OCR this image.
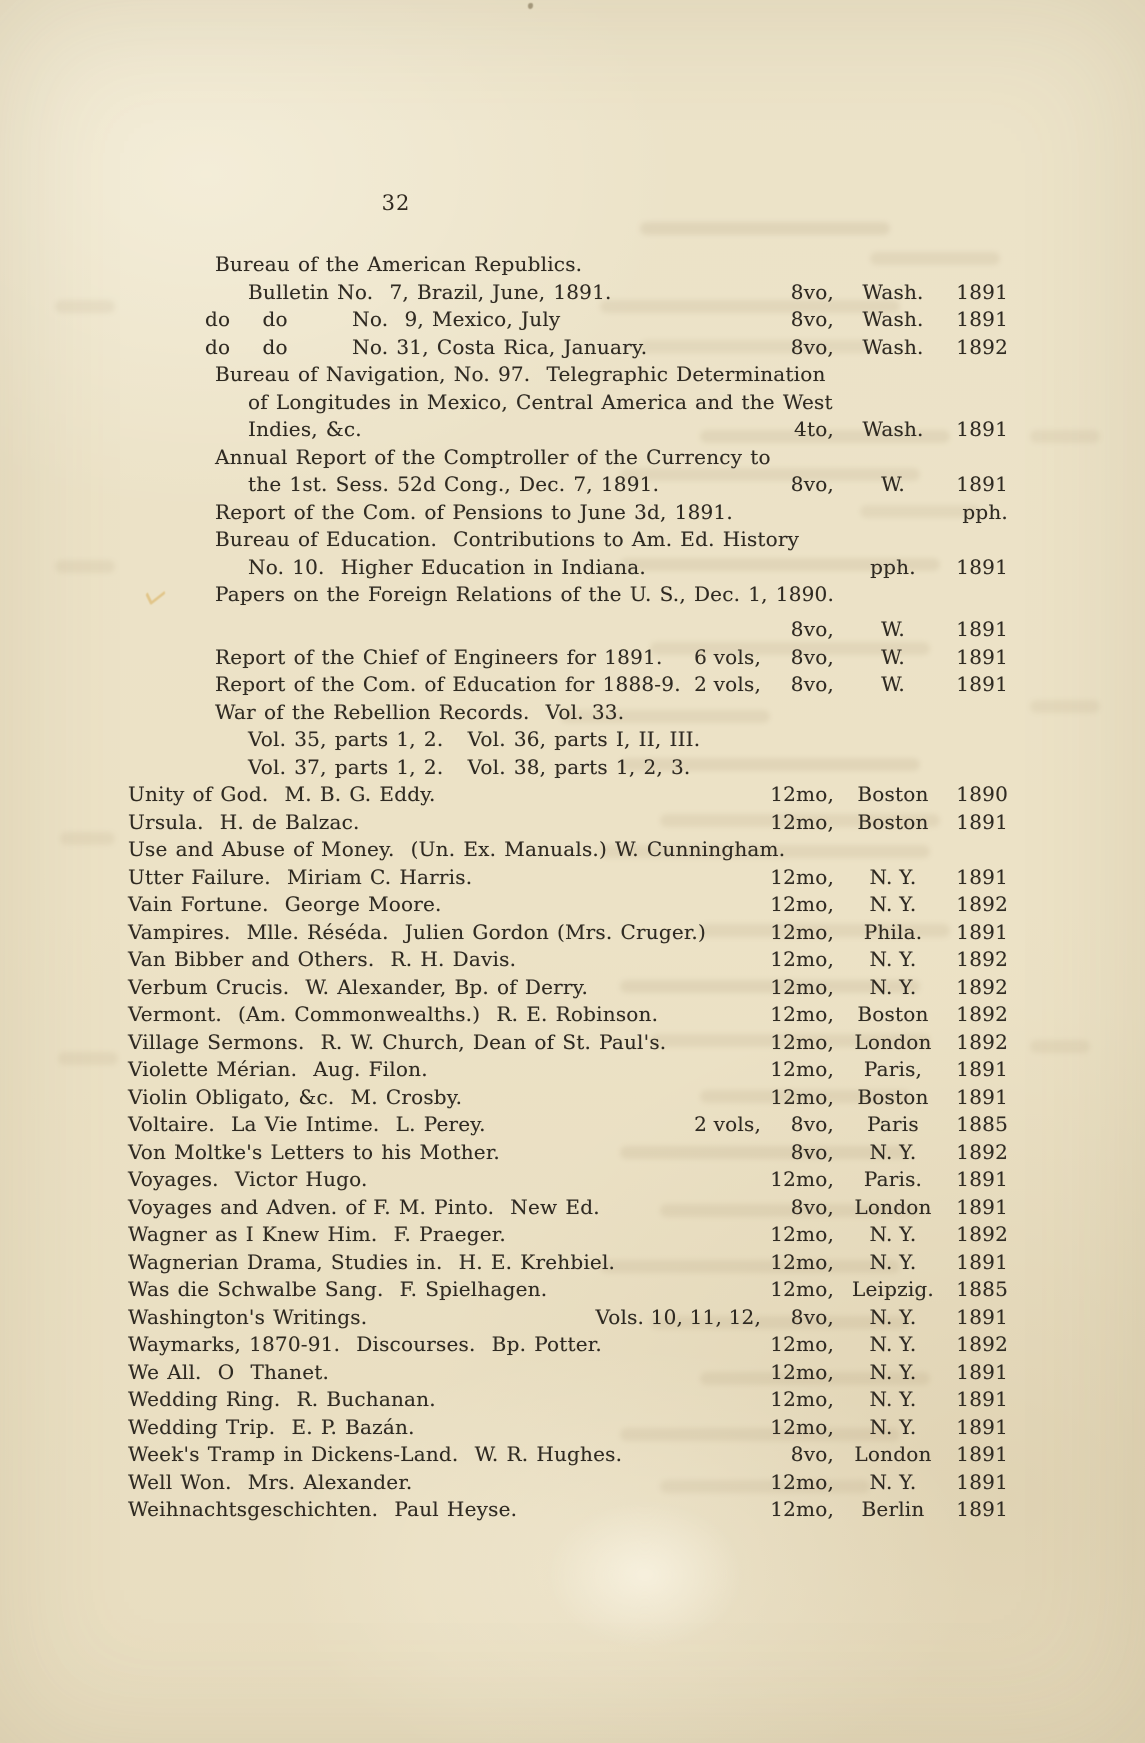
32
Bureau of the American Republics.
Bulletin No.  7, Brazil, June, 1891.	8vo,	Wash.	1891
do    do        No.  9, Mexico, July	8vo,	Wash.	1891
do    do        No. 31, Costa Rica, January.	8vo,	Wash.	1892
Bureau of Navigation, No. 97.  Telegraphic Determination
of Longitudes in Mexico, Central America and the West
Indies, &c.	4to,	Wash.	1891
Annual Report of the Comptroller of the Currency to
the 1st. Sess. 52d Cong., Dec. 7, 1891.	8vo,	W.	1891
Report of the Com. of Pensions to June 3d, 1891.	pph.
Bureau of Education.  Contributions to Am. Ed. History
No. 10.  Higher Education in Indiana.	pph.	1891
Papers on the Foreign Relations of the U. S., Dec. 1, 1890.
8vo,	W.	1891
Report of the Chief of Engineers for 1891.	6 vols,	8vo,	W.	1891
Report of the Com. of Education for 1888-9. 2 vols,	8vo,	W.	1891
War of the Rebellion Records.  Vol. 33.
Vol. 35, parts 1, 2.   Vol. 36, parts I, II, III.
Vol. 37, parts 1, 2.   Vol. 38, parts 1, 2, 3.
Unity of God.  M. B. G. Eddy.	12mo,	Boston	1890
Ursula.  H. de Balzac.	12mo,	Boston	1891
Use and Abuse of Money.  (Un. Ex. Manuals.) W. Cunningham.
Utter Failure.  Miriam C. Harris.	12mo,	N. Y.	1891
Vain Fortune.  George Moore.	12mo,	N. Y.	1892
Vampires.  Mlle. Réséda.  Julien Gordon (Mrs. Cruger.)	12mo,	Phila.	1891
Van Bibber and Others.  R. H. Davis.	12mo,	N. Y.	1892
Verbum Crucis.  W. Alexander, Bp. of Derry.	12mo,	N. Y.	1892
Vermont.  (Am. Commonwealths.)  R. E. Robinson.	12mo,	Boston	1892
Village Sermons.  R. W. Church, Dean of St. Paul's.	12mo,	London	1892
Violette Mérian.  Aug. Filon.	12mo,	Paris,	1891
Violin Obligato, &c.  M. Crosby.	12mo,	Boston	1891
Voltaire.  La Vie Intime.  L. Perey.	2 vols,	8vo,	Paris	1885
Von Moltke's Letters to his Mother.	8vo,	N. Y.	1892
Voyages.  Victor Hugo.	12mo,	Paris.	1891
Voyages and Adven. of F. M. Pinto.  New Ed.	8vo,	London	1891
Wagner as I Knew Him.  F. Praeger.	12mo,	N. Y.	1892
Wagnerian Drama, Studies in.  H. E. Krehbiel.	12mo,	N. Y.	1891
Was die Schwalbe Sang.  F. Spielhagen.	12mo, Leipzig.	1885
Washington's Writings.	Vols. 10, 11, 12,	8vo,	N. Y.	1891
Waymarks, 1870-91.  Discourses.  Bp. Potter.	12mo,	N. Y.	1892
We All.  O  Thanet.	12mo,	N. Y.	1891
Wedding Ring.  R. Buchanan.	12mo,	N. Y.	1891
Wedding Trip.  E. P. Bazán.	12mo,	N. Y.	1891
Week's Tramp in Dickens-Land.  W. R. Hughes.	8vo,	London	1891
Well Won.  Mrs. Alexander.	12mo,	N. Y.	1891
Weihnachtsgeschichten.  Paul Heyse.	12mo,	Berlin	1891
